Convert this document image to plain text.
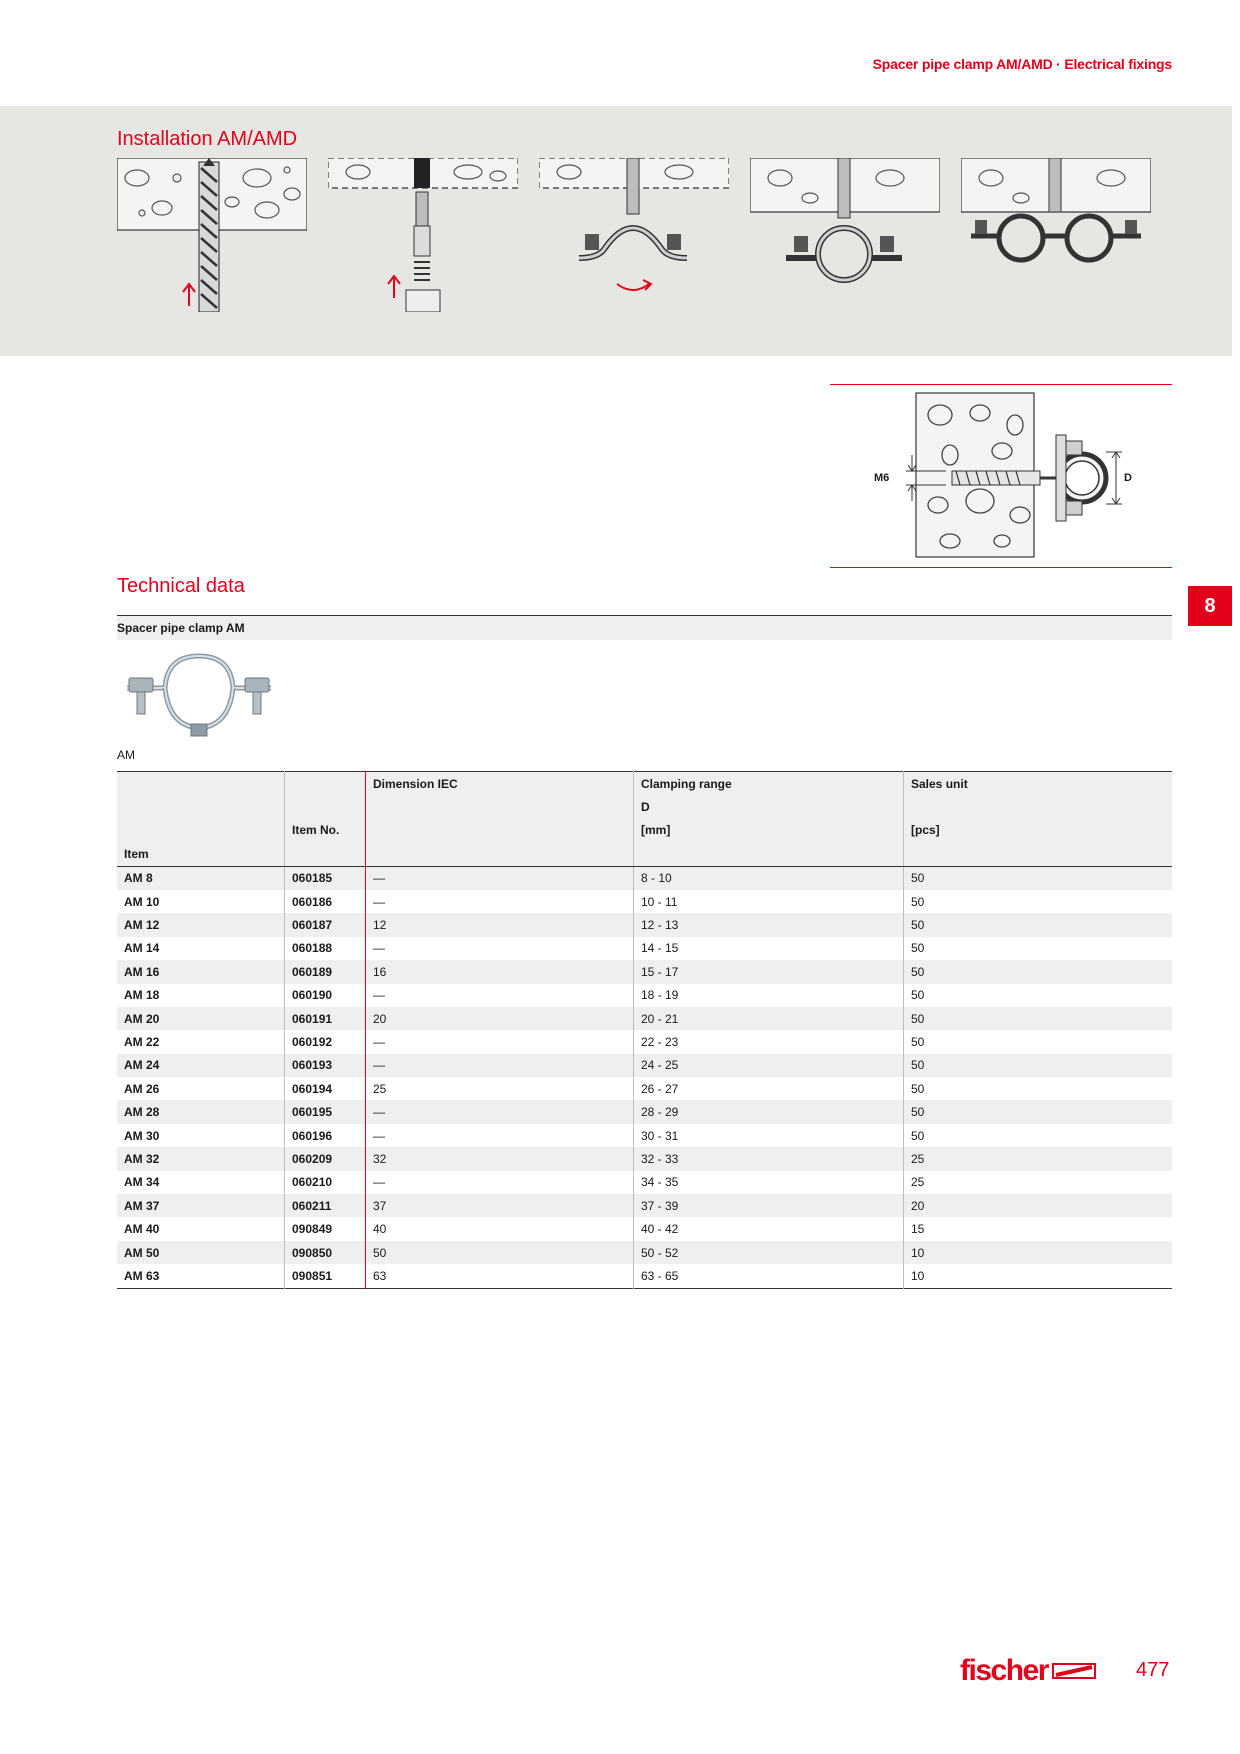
Spacer pipe clamp AM/AMD · Electrical fixings
Installation AM/AMD
M6	D
8
Technical data
Spacer pipe clamp AM
AM
		Dimension IEC	Clamping range	Sales unit
			D	
	Item No.		[mm]	[pcs]
Item				
AM 8	060185	—	8 - 10	50
AM 10	060186	—	10 - 11	50
AM 12	060187	12	12 - 13	50
AM 14	060188	—	14 - 15	50
AM 16	060189	16	15 - 17	50
AM 18	060190	—	18 - 19	50
AM 20	060191	20	20 - 21	50
AM 22	060192	—	22 - 23	50
AM 24	060193	—	24 - 25	50
AM 26	060194	25	26 - 27	50
AM 28	060195	—	28 - 29	50
AM 30	060196	—	30 - 31	50
AM 32	060209	32	32 - 33	25
AM 34	060210	—	34 - 35	25
AM 37	060211	37	37 - 39	20
AM 40	090849	40	40 - 42	15
AM 50	090850	50	50 - 52	10
AM 63	090851	63	63 - 65	10
fischer	477
